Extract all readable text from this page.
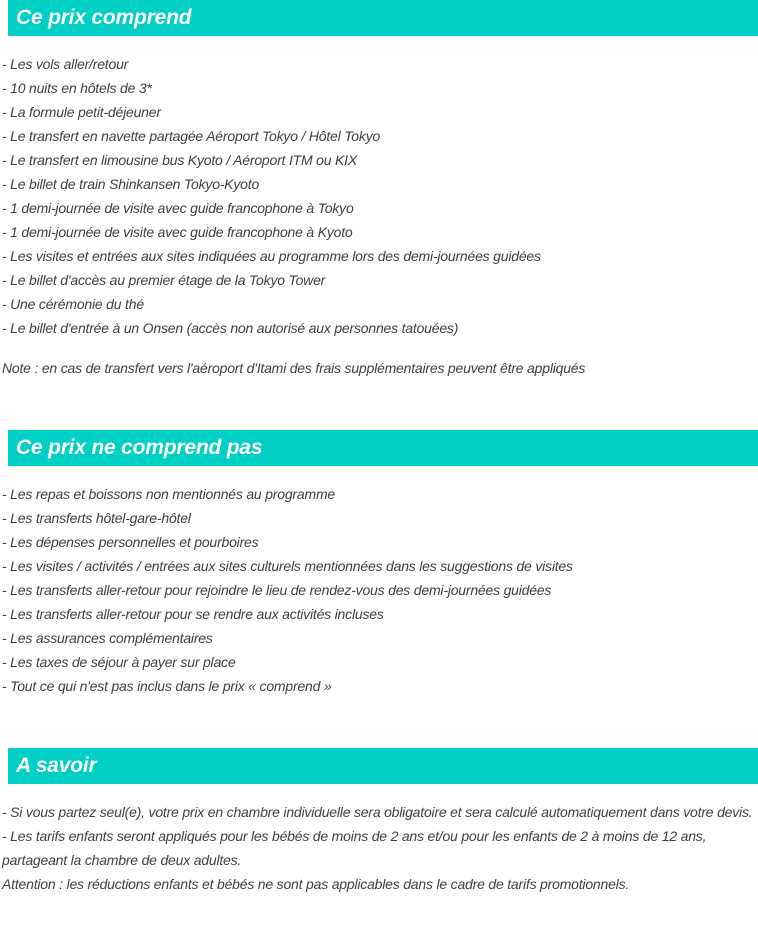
Ce prix comprend
- Les vols aller/retour
- 10 nuits en hôtels de 3*
- La formule petit-déjeuner
- Le transfert en navette partagée Aéroport Tokyo / Hôtel Tokyo
- Le transfert en limousine bus Kyoto / Aéroport ITM ou KIX
- Le billet de train Shinkansen Tokyo-Kyoto
- 1 demi-journée de visite avec guide francophone à Tokyo
- 1 demi-journée de visite avec guide francophone à Kyoto
- Les visites et entrées aux sites indiquées au programme lors des demi-journées guidées
- Le billet d'accès au premier étage de la Tokyo Tower
- Une cérémonie du thé
- Le billet d'entrée à un Onsen (accès non autorisé aux personnes tatouées)

Note : en cas de transfert vers l'aéroport d'Itami des frais supplémentaires peuvent être appliqués

Ce prix ne comprend pas
- Les repas et boissons non mentionnés au programme
- Les transferts hôtel-gare-hôtel
- Les dépenses personnelles et pourboires
- Les visites / activités / entrées aux sites culturels mentionnées dans les suggestions de visites
- Les transferts aller-retour pour rejoindre le lieu de rendez-vous des demi-journées guidées
- Les transferts aller-retour pour se rendre aux activités incluses
- Les assurances complémentaires
- Les taxes de séjour à payer sur place
- Tout ce qui n'est pas inclus dans le prix « comprend »
A savoir
- Si vous partez seul(e), votre prix en chambre individuelle sera obligatoire et sera calculé automatiquement dans votre devis.
- Les tarifs enfants seront appliqués pour les bébés de moins de 2 ans et/ou pour les enfants de 2 à moins de 12 ans, partageant la chambre de deux adultes.
Attention : les réductions enfants et bébés ne sont pas applicables dans le cadre de tarifs promotionnels.
